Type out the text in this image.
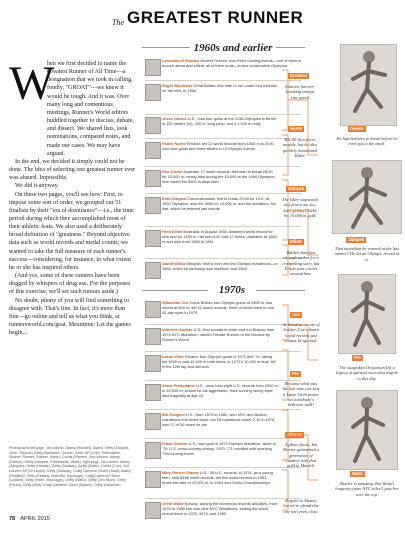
The GREATEST RUNNER
W

hen we first decided to name the Greatest Runner of All Time—a designation that we took in calling, fondly, "GROAT"—we knew it would be tough. And it was. Over many long and contentious meetings, Runner's World editors huddled together to discuss, debate, and dissect. We shared lists, took nominations, compared notes, and made our cases. We may have argued.

In the end, we decided it simply could not be done. The idea of selecting one greatest runner ever was absurd. Impossible.

We did it anyway.

On these two pages, you'll see how: First, to impose some sort of order, we grouped our 51 finalists by their "era of dominance"—i.e., the time period during which they accomplished most of their athletic feats. We also used a deliberately broad definition of "greatness." Beyond objective data such as world records and medal counts, we wanted to take the full measure of each runner's success—considering, for instance, to what extent he or she has inspired others.

(And yes, some of these runners have been dogged by whispers of drug use. For the purposes of this exercise, we'll set such rumors aside.)

No doubt, plenty of you will find something to disagree with. That's fine. In fact, it's more than fine—go online and tell us what you think, at runnersworld.com/goat. Meantime: Let the games begin...

Photographs left page, 1st column: Alamy (Rhodes), Alamy, Getty (Zatopek, Viren, Stamos) Getty (Bannister, Owens, Ovett, AP (Chb), Prefontaine, Shorter, Shorter, Switzer, Waitz); Corbis (Shorter). 2nd column: Alamy (Owens); Getty (Zátopek, Prefontaine, Waitz), right page, 1st column: Alamy (Zátopek), Getty (Heddle), Getty (Salazar), Getty (Waitz), Corbis (Coe); 2nd column: AP (Ol Lopes), Getty (Salazar); Craig Cameron Olsen (Joan), Alamy (Rudisha), Getty (Keitany, Ndereba, Kipchoge); Craig Cameron Olsen (Lydiard), Getty (Haile, Jepkosgei), Getty (Waitz), Getty (Jim Ryun), Getty (Farah), Getty (Bolt); Craig Cameron Olsen (Kiptum), Getty (Newman)
78 APRIL 2015
1960s and earlier
Leonidas of Rhodes Ancient Greece; won three running events—one of them in bronze armor and shield, all of them nude—in four consecutive Olympics
Roger Bannister Great Britain; first man to run under four minutes for the mile, in 1954
Jesse Owens U.S.; took four golds at the 1936 Olympics in Berlin, in 100 meters (m), 200 m, long jump, and 4 x 100 m relay
Paavo Nurmi Finland; set 22 world records from 1500 m to 20-K; won nine golds and three silvers in 12 Olympic events
Ron Clarke Australia; 17 world records; first man to break 28:00 for 10,000 m; nearly died during the 10,000 at the 1968 Olympics, then raced the 5000 m days later
Emil Zátopek Czechoslovakia; first to break 29:00 for 10-K; at 1952 Olympics, won the 5000 m, 10,000 m, and the marathon, his first, which he entered last minute
Herb Elliott Australia; in August 1958, smashed world record for mile and for 1500 m; ran sub-4:00 mile 17 times; unbeaten at 1500 m and mile from 1958 to 1961
Abebe Bikila Ethiopia; first to ever win two Olympic marathons—in 1960, which he famously won barefoot, and 1964
1970s
Sebastian Coe Great Britain; two Olympic golds at 1500 m, two silvers at 800 m; set 12 world records, three of which were in one 42-day span in 1979
Kathrine Switzer U.S.; first woman to enter and run Boston; won 1974 NYC Marathon; named Female Runner of the Decade by Runner's World
Lasse Virén Finland; four Olympic golds in 1972 and '76, taking the 5000 m and 10,000 m both times; in 1972's 10,000 m final, fell in the 12th lap and still won
Steve Prefontaine U.S.; once held eight U.S. records from 2000 m to 10,000 m; known for his aggressive, front-running racing style; died tragically at age 24
Bill Rodgers U.S.; from 1975 to 1980, won NYC and Boston marathons four times each; ran 28 marathons under 2:15 in 1978, won 27 of 30 races he ran
Frank Shorter U.S.; won gold in 1972 Olympic Marathon, silver in '76; U.S. cross-country champ, 1970–'73; credited with sparking '70s running boom
Mary Decker Slaney U.S.; 36 U.S. records; in 1974, as a young teen, held three world records; set five world records in 1982, broke the mile to 10,000 m; in 1983 won World Championships
Grete Waitz Norway; among the numerous records and titles, from 1978 to 1988 she won nine NYC Marathons, setting the world record there in 1978, 1979, and 1980
Greatest
Historic barrier-breaking trumps raw speed
Nurmi
Yes, he won fewer medals, but he also publicly humiliated Hitler.
Zátopek
The killer stopwatch was ferocious, too, later giving Clarke his 10,000 m gold.
Elliott
Bikila's barefoot triumph makes for a compelling story, but Elliott runs circles around him.
Coe
As loved as we are of Switzer, Coe's dozen world records just cannot be ignored.
Pre
Because what was the last time you saw a Lasse Virén poster on somebody's bedroom wall?
Shorter
A photo finish, but Shorter galvanized a generation of runners with that gold in Munich.
Respect to Slaney, but we're afraid this one isn't even close.
Owens
He had barriers to break before he even got to the track.
Zátopek
That marathon he entered at the last minute? He set an Olympic record in it.
Pre
The outspoken Oregonian left a legacy of spirited races that inspire to this day.
Waitz
Shorter is amazing. But Waitz's longevity (nine NYC titles!) puts her over the top.
